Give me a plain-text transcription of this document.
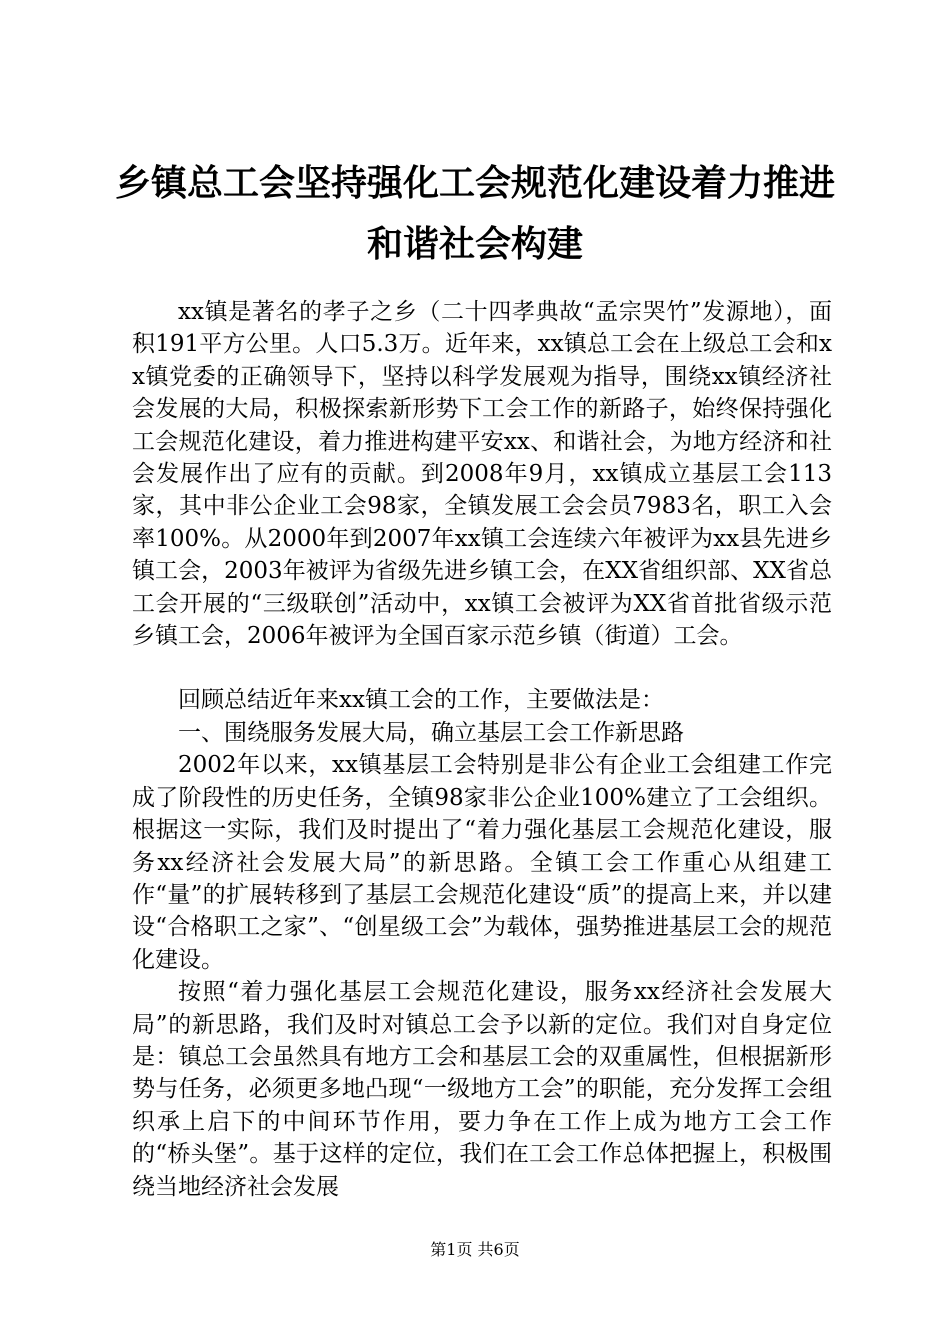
乡镇总工会坚持强化工会规范化建设着力推进
和谐社会构建

xx镇是著名的孝子之乡（二十四孝典故“孟宗哭竹”发源地），面积191平方公里。人口5.3万。近年来，xx镇总工会在上级总工会和xx镇党委的正确领导下，坚持以科学发展观为指导，围绕xx镇经济社会发展的大局，积极探索新形势下工会工作的新路子，始终保持强化工会规范化建设，着力推进构建平安xx、和谐社会，为地方经济和社会发展作出了应有的贡献。到2008年9月，xx镇成立基层工会113家，其中非公企业工会98家，全镇发展工会会员7983名，职工入会率100%。从2000年到2007年xx镇工会连续六年被评为xx县先进乡镇工会，2003年被评为省级先进乡镇工会，在XX省组织部、XX省总工会开展的“三级联创”活动中，xx镇工会被评为XX省首批省级示范乡镇工会，2006年被评为全国百家示范乡镇（街道）工会。

回顾总结近年来xx镇工会的工作，主要做法是：

一、围绕服务发展大局，确立基层工会工作新思路

2002年以来，xx镇基层工会特别是非公有企业工会组建工作完成了阶段性的历史任务，全镇98家非公企业100%建立了工会组织。根据这一实际，我们及时提出了“着力强化基层工会规范化建设，服务xx经济社会发展大局”的新思路。全镇工会工作重心从组建工作“量”的扩展转移到了基层工会规范化建设“质”的提高上来，并以建设“合格职工之家”、“创星级工会”为载体，强势推进基层工会的规范化建设。

按照“着力强化基层工会规范化建设，服务xx经济社会发展大局”的新思路，我们及时对镇总工会予以新的定位。我们对自身定位是：镇总工会虽然具有地方工会和基层工会的双重属性，但根据新形势与任务，必须更多地凸现“一级地方工会”的职能，充分发挥工会组织承上启下的中间环节作用，要力争在工作上成为地方工会工作的“桥头堡”。基于这样的定位，我们在工会工作总体把握上，积极围绕当地经济社会发展

第1页 共6页
